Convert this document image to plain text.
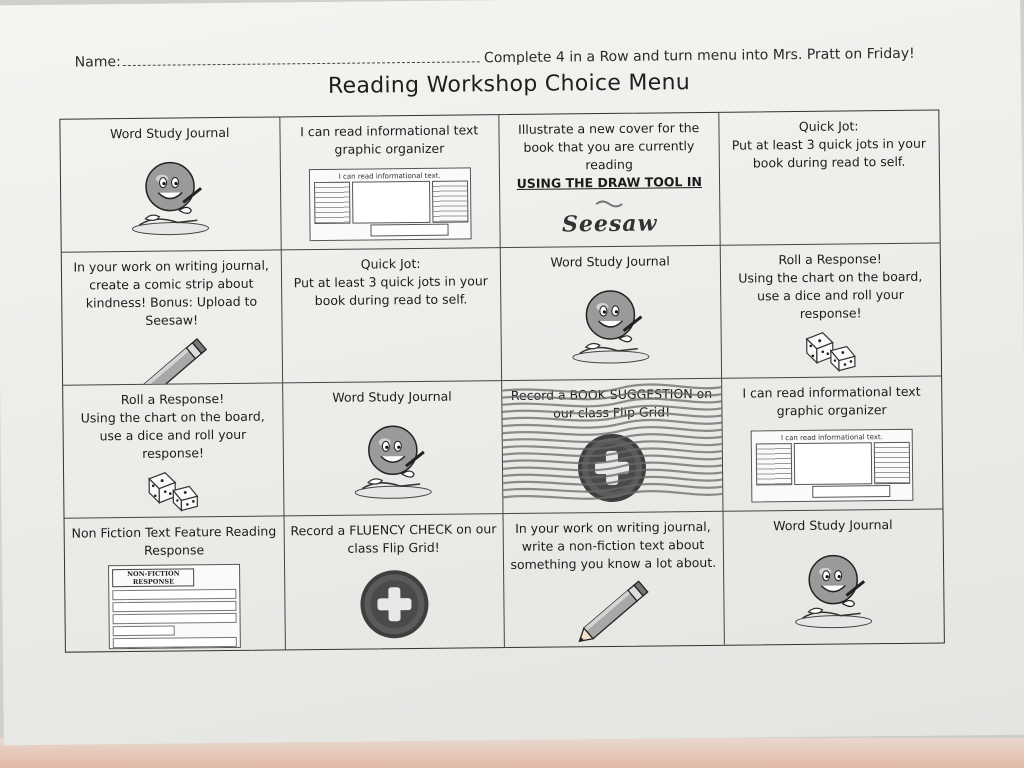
Name:	Complete 4 in a Row and turn menu into Mrs. Pratt on Friday!
Reading Workshop Choice Menu
Word Study Journal	I can read informational text graphic organizer
I can read informational text.
Illustrate a new cover for the book that you are currently reading
USING THE DRAW TOOL IN
Seesaw
Quick Jot:
Put at least 3 quick jots in your book during read to self.
In your work on writing journal, create a comic strip about kindness! Bonus: Upload to Seesaw!
Quick Jot:
Put at least 3 quick jots in your book during read to self.
Word Study Journal	Roll a Response!
Using the chart on the board, use a dice and roll your response!
Roll a Response!
Using the chart on the board, use a dice and roll your response!
Word Study Journal	Record a BOOK SUGGESTION on our class Flip Grid!
I can read informational text graphic organizer
I can read informational text.
Non Fiction Text Feature Reading Response
NON-FICTION RESPONSE
Record a FLUENCY CHECK on our class Flip Grid!
In your work on writing journal, write a non-fiction text about something you know a lot about.
Word Study Journal
